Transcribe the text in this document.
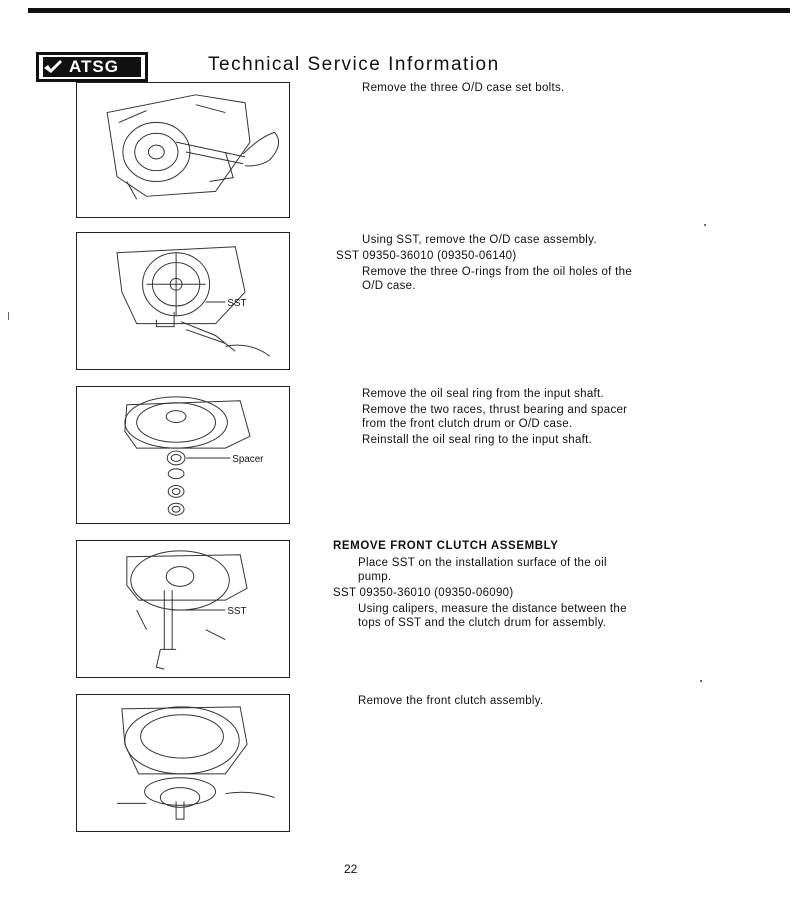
ATSG	Technical Service Information
Remove the three O/D case set bolts.
SST
Using SST, remove the O/D case assembly.
SST 09350-36010 (09350-06140)
Remove the three O-rings from the oil holes of the
O/D case.
Spacer
Remove the oil seal ring from the input shaft.
Remove the two races, thrust bearing and spacer
from the front clutch drum or O/D case.
Reinstall the oil seal ring to the input shaft.
SST
REMOVE FRONT CLUTCH ASSEMBLY
Place SST on the installation surface of the oil
pump.
SST 09350-36010 (09350-06090)
Using calipers, measure the distance between the
tops of SST and the clutch drum for assembly.
Remove the front clutch assembly.
22
